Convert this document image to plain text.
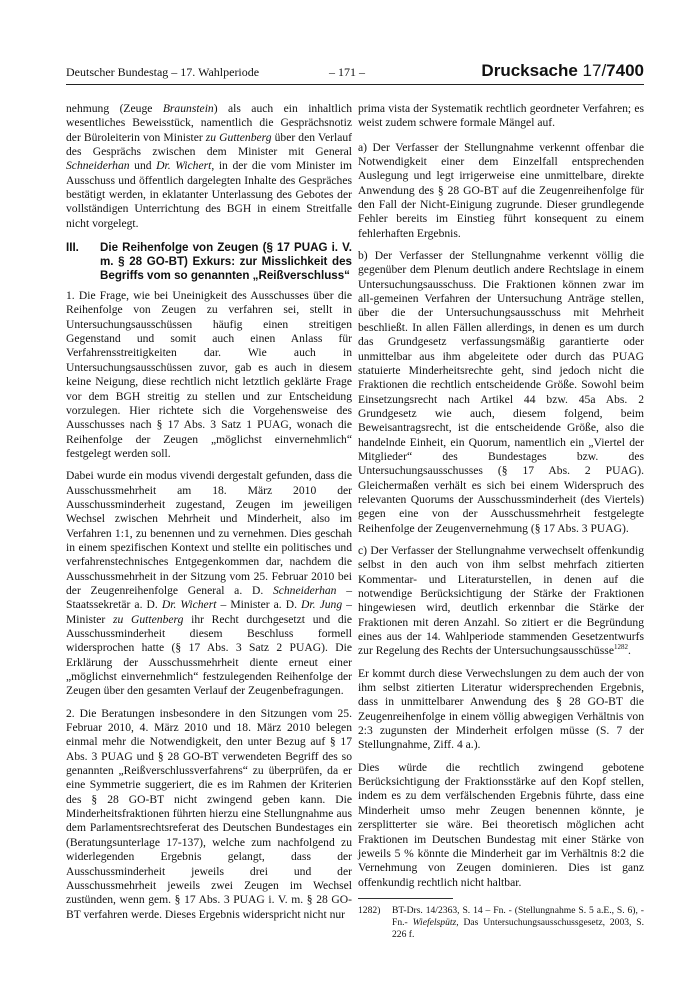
Deutscher Bundestag – 17. Wahlperiode	– 171 –	Drucksache 17/7400

nehmung (Zeuge Braunstein) als auch ein inhaltlich wesentliches Beweisstück, namentlich die Gesprächsnotiz der Büroleiterin von Minister zu Guttenberg über den Verlauf des Gesprächs zwischen dem Minister mit General Schneiderhan und Dr. Wichert, in der die vom Minister im Ausschuss und öffentlich dargelegten Inhalte des Gespräches bestätigt werden, in eklatanter Unterlassung des Gebotes der vollständigen Unterrichtung des BGH in einem Streitfalle nicht vorgelegt.

III.	Die Reihenfolge von Zeugen (§ 17 PUAG i. V. m. § 28 GO-BT) Exkurs: zur Misslichkeit des Begriffs vom so genannten „Reißverschluss“

1. Die Frage, wie bei Uneinigkeit des Ausschusses über die Reihenfolge von Zeugen zu verfahren sei, stellt in Untersuchungsausschüssen häufig einen streitigen Gegenstand und somit auch einen Anlass für Verfahrensstreitigkeiten dar. Wie auch in Untersuchungsausschüssen zuvor, gab es auch in diesem keine Neigung, diese rechtlich nicht letztlich geklärte Frage vor dem BGH streitig zu stellen und zur Entscheidung vorzulegen. Hier richtete sich die Vorgehensweise des Ausschusses nach § 17 Abs. 3 Satz 1 PUAG, wonach die Reihenfolge der Zeugen „möglichst einvernehmlich“ festgelegt werden soll.

Dabei wurde ein modus vivendi dergestalt gefunden, dass die Ausschussmehrheit am 18. März 2010 der Ausschussminderheit zugestand, Zeugen im jeweiligen Wechsel zwischen Mehrheit und Minderheit, also im Verfahren 1:1, zu benennen und zu vernehmen. Dies geschah in einem spezifischen Kontext und stellte ein politisches und verfahrenstechnisches Entgegenkommen dar, nachdem die Ausschussmehrheit in der Sitzung vom 25. Februar 2010 bei der Zeugenreihenfolge General a. D. Schneiderhan – Staatssekretär a. D. Dr. Wichert – Minister a. D. Dr. Jung – Minister zu Guttenberg ihr Recht durchgesetzt und die Ausschussminderheit diesem Beschluss formell widersprochen hatte (§ 17 Abs. 3 Satz 2 PUAG). Die Erklärung der Ausschussmehrheit diente erneut einer „möglichst einvernehmlich“ festzulegenden Reihenfolge der Zeugen über den gesamten Verlauf der Zeugenbefragungen.

2. Die Beratungen insbesondere in den Sitzungen vom 25. Februar 2010, 4. März 2010 und 18. März 2010 belegen einmal mehr die Notwendigkeit, den unter Bezug auf § 17 Abs. 3 PUAG und § 28 GO-BT verwendeten Begriff des so genannten „Reißverschlussverfahrens“ zu überprüfen, da er eine Symmetrie suggeriert, die es im Rahmen der Kriterien des § 28 GO-BT nicht zwingend geben kann. Die Minderheitsfraktionen führten hierzu eine Stellungnahme aus dem Parlamentsrechtsreferat des Deutschen Bundestages ein (Beratungsunterlage 17-137), welche zum nachfolgend zu widerlegenden Ergebnis gelangt, dass der Ausschussminderheit jeweils drei und der Ausschussmehrheit jeweils zwei Zeugen im Wechsel zustünden, wenn gem. § 17 Abs. 3 PUAG i. V. m. § 28 GO-BT verfahren werde. Dieses Ergebnis widerspricht nicht nur

prima vista der Systematik rechtlich geordneter Verfahren; es weist zudem schwere formale Mängel auf.

a) Der Verfasser der Stellungnahme verkennt offenbar die Notwendigkeit einer dem Einzelfall entsprechenden Auslegung und legt irrigerweise eine unmittelbare, direkte Anwendung des § 28 GO-BT auf die Zeugenreihenfolge für den Fall der Nicht-Einigung zugrunde. Dieser grundlegende Fehler bereits im Einstieg führt konsequent zu einem fehlerhaften Ergebnis.

b) Der Verfasser der Stellungnahme verkennt völlig die gegenüber dem Plenum deutlich andere Rechtslage in einem Untersuchungsausschuss. Die Fraktionen können zwar im all-gemeinen Verfahren der Untersuchung Anträge stellen, über die der Untersuchungsausschuss mit Mehrheit beschließt. In allen Fällen allerdings, in denen es um durch das Grundgesetz verfassungsmäßig garantierte oder unmittelbar aus ihm abgeleitete oder durch das PUAG statuierte Minderheitsrechte geht, sind jedoch nicht die Fraktionen die rechtlich entscheidende Größe. Sowohl beim Einsetzungsrecht nach Artikel 44 bzw. 45a Abs. 2 Grundgesetz wie auch, diesem folgend, beim Beweisantragsrecht, ist die entscheidende Größe, also die handelnde Einheit, ein Quorum, namentlich ein „Viertel der Mitglieder“ des Bundestages bzw. des Untersuchungsausschusses (§ 17 Abs. 2 PUAG). Gleichermaßen verhält es sich bei einem Widerspruch des relevanten Quorums der Ausschussminderheit (des Viertels) gegen eine von der Ausschussmehrheit festgelegte Reihenfolge der Zeugenvernehmung (§ 17 Abs. 3 PUAG).

c) Der Verfasser der Stellungnahme verwechselt offenkundig selbst in den auch von ihm selbst mehrfach zitierten Kommentar- und Literaturstellen, in denen auf die notwendige Berücksichtigung der Stärke der Fraktionen hingewiesen wird, deutlich erkennbar die Stärke der Fraktionen mit deren Anzahl. So zitiert er die Begründung eines aus der 14. Wahlperiode stammenden Gesetzentwurfs zur Regelung des Rechts der Untersuchungsausschüsse$^{1282}$.

Er kommt durch diese Verwechslungen zu dem auch der von ihm selbst zitierten Literatur widersprechenden Ergebnis, dass in unmittelbarer Anwendung des § 28 GO-BT die Zeugenreihenfolge in einem völlig abwegigen Verhältnis von 2:3 zugunsten der Minderheit erfolgen müsse (S. 7 der Stellungnahme, Ziff. 4 a.).

Dies würde die rechtlich zwingend gebotene Berücksichtigung der Fraktionsstärke auf den Kopf stellen, indem es zu dem verfälschenden Ergebnis führte, dass eine Minderheit umso mehr Zeugen benennen könnte, je zersplitterter sie wäre. Bei theoretisch möglichen acht Fraktionen im Deutschen Bundestag mit einer Stärke von jeweils 5 % könnte die Minderheit gar im Verhältnis 8:2 die Vernehmung von Zeugen dominieren. Dies ist ganz offenkundig rechtlich nicht haltbar.

1282)	BT-Drs. 14/2363, S. 14 – Fn. - (Stellungnahme S. 5 a.E., S. 6), - Fn.- Wiefelspütz, Das Untersuchungsausschussgesetz, 2003, S. 226 f.
